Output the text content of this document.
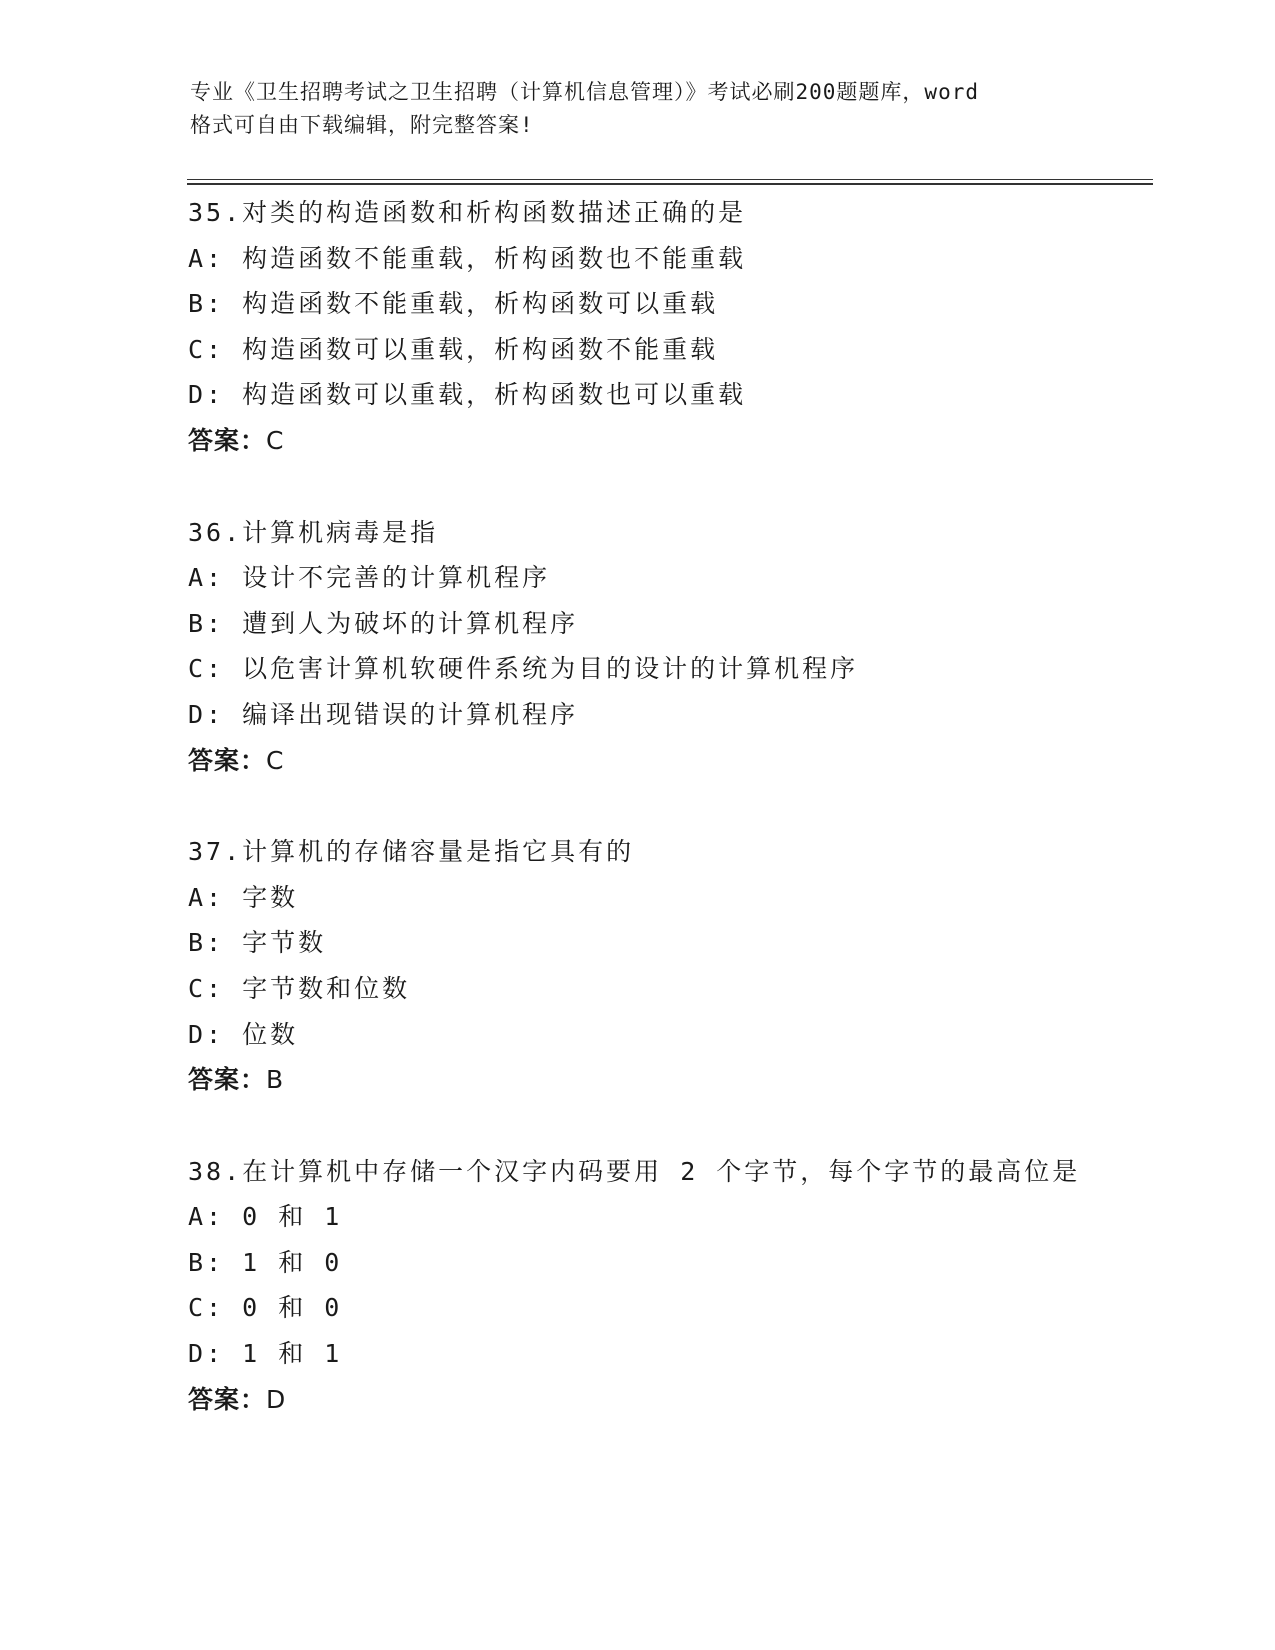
专业《卫生招聘考试之卫生招聘（计算机信息管理）》考试必刷200题题库，word
格式可自由下载编辑，附完整答案!
35.对类的构造函数和析构函数描述正确的是
A: 构造函数不能重载，析构函数也不能重载
B: 构造函数不能重载，析构函数可以重载
C: 构造函数可以重载，析构函数不能重载
D: 构造函数可以重载，析构函数也可以重载
答案：C
36.计算机病毒是指
A: 设计不完善的计算机程序
B: 遭到人为破坏的计算机程序
C: 以危害计算机软硬件系统为目的设计的计算机程序
D: 编译出现错误的计算机程序
答案：C
37.计算机的存储容量是指它具有的
A: 字数
B: 字节数
C: 字节数和位数
D: 位数
答案：B
38.在计算机中存储一个汉字内码要用 2 个字节，每个字节的最高位是
A: 0 和 1
B: 1 和 0
C: 0 和 0
D: 1 和 1
答案：D
